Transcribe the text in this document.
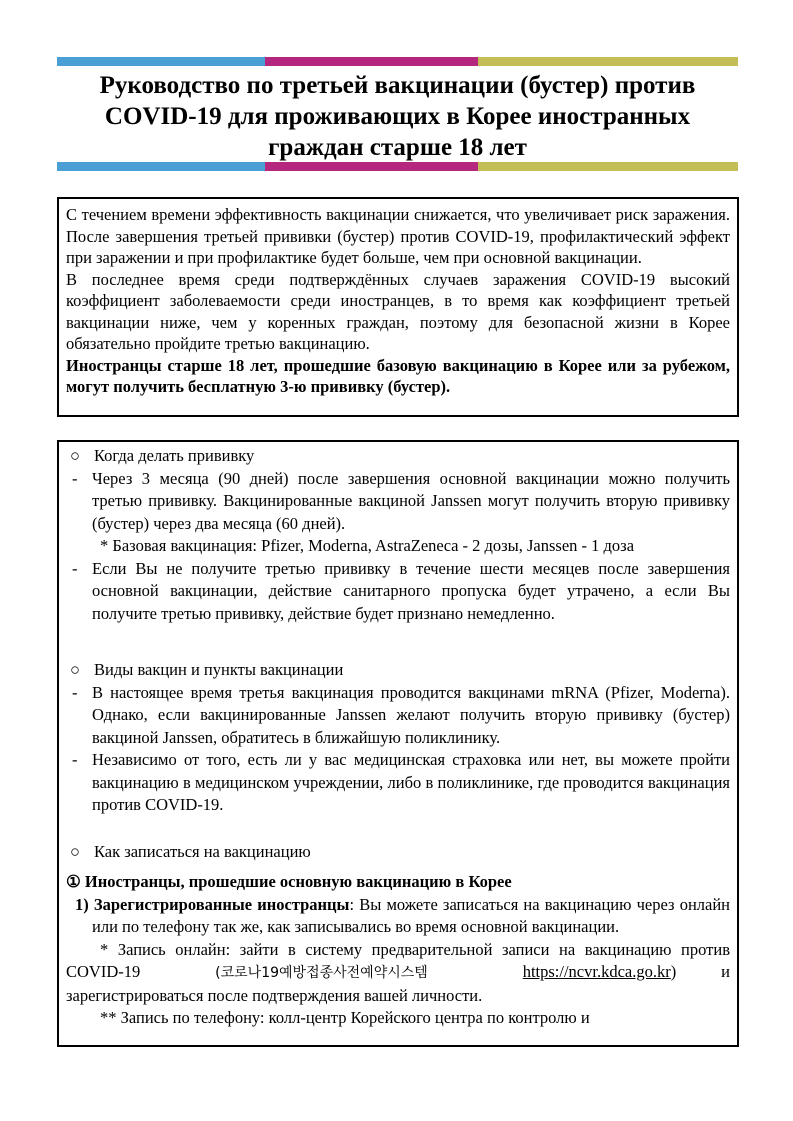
Руководство по третьей вакцинации (бустер) против COVID-19 для проживающих в Корее иностранных граждан старше 18 лет

С течением времени эффективность вакцинации снижается, что увеличивает риск заражения. После завершения третьей прививки (бустер) против COVID-19, профилактический эффект при заражении и при профилактике будет больше, чем при основной вакцинации.

В последнее время среди подтверждённых случаев заражения COVID-19 высокий коэффициент заболеваемости среди иностранцев, в то время как коэффициент третьей вакцинации ниже, чем у коренных граждан, поэтому для безопасной жизни в Корее обязательно пройдите третью вакцинацию.

Иностранцы старше 18 лет, прошедшие базовую вакцинацию в Корее или за рубежом, могут получить бесплатную 3-ю прививку (бустер).

○ Когда делать прививку

- Через 3 месяца (90 дней) после завершения основной вакцинации можно получить третью прививку. Вакцинированные вакциной Janssen могут получить вторую прививку (бустер) через два месяца (60 дней).

* Базовая вакцинация: Pfizer, Moderna, AstraZeneca - 2 дозы, Janssen - 1 доза

- Если Вы не получите третью прививку в течение шести месяцев после завершения основной вакцинации, действие санитарного пропуска будет утрачено, а если Вы получите третью прививку, действие будет признано немедленно.

○ Виды вакцин и пункты вакцинации

- В настоящее время третья вакцинация проводится вакцинами mRNA (Pfizer, Moderna). Однако, если вакцинированные Janssen желают получить вторую прививку (бустер) вакциной Janssen, обратитесь в ближайшую поликлинику.

- Независимо от того, есть ли у вас медицинская страховка или нет, вы можете пройти вакцинацию в медицинском учреждении, либо в поликлинике, где проводится вакцинация против COVID-19.

○ Как записаться на вакцинацию

① Иностранцы, прошедшие основную вакцинацию в Корее

1) Зарегистрированные иностранцы: Вы можете записаться на вакцинацию через онлайн или по телефону так же, как записывались во время основной вакцинации.

* Запись онлайн: зайти в систему предварительной записи на вакцинацию против COVID-19	(코로나19예방접종사전예약시스템	https://ncvr.kdca.go.kr) и зарегистрироваться после подтверждения вашей личности.

** Запись по телефону: колл-центр Корейского центра по контролю и
